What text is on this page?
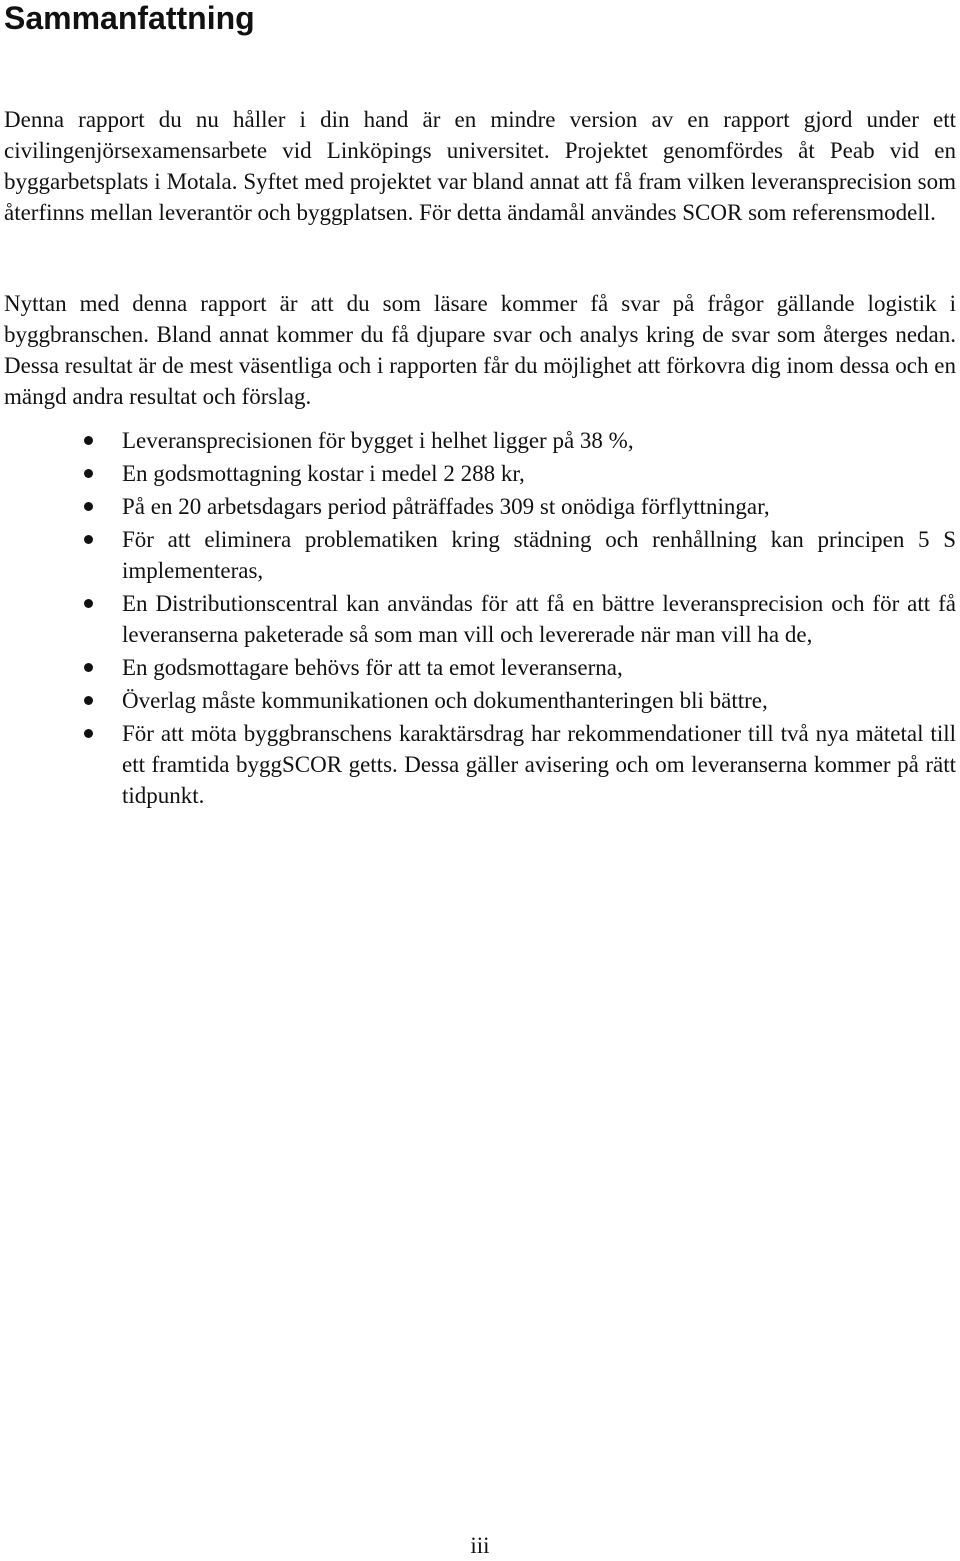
Sammanfattning

Denna rapport du nu håller i din hand är en mindre version av en rapport gjord under ett civilingenjörsexamensarbete vid Linköpings universitet. Projektet genomfördes åt Peab vid en byggarbetsplats i Motala. Syftet med projektet var bland annat att få fram vilken leveransprecision som återfinns mellan leverantör och byggplatsen. För detta ändamål användes SCOR som referensmodell.

Nyttan med denna rapport är att du som läsare kommer få svar på frågor gällande logistik i byggbranschen. Bland annat kommer du få djupare svar och analys kring de svar som återges nedan. Dessa resultat är de mest väsentliga och i rapporten får du möjlighet att förkovra dig inom dessa och en mängd andra resultat och förslag.

Leveransprecisionen för bygget i helhet ligger på 38 %,
En godsmottagning kostar i medel 2 288 kr,
På en 20 arbetsdagars period påträffades 309 st onödiga förflyttningar,
För att eliminera problematiken kring städning och renhållning kan principen 5 S implementeras,
En Distributionscentral kan användas för att få en bättre leveransprecision och för att få leveranserna paketerade så som man vill och levererade när man vill ha de,
En godsmottagare behövs för att ta emot leveranserna,
Överlag måste kommunikationen och dokumenthanteringen bli bättre,
För att möta byggbranschens karaktärsdrag har rekommendationer till två nya mätetal till ett framtida byggSCOR getts. Dessa gäller avisering och om leveranserna kommer på rätt tidpunkt.
iii
